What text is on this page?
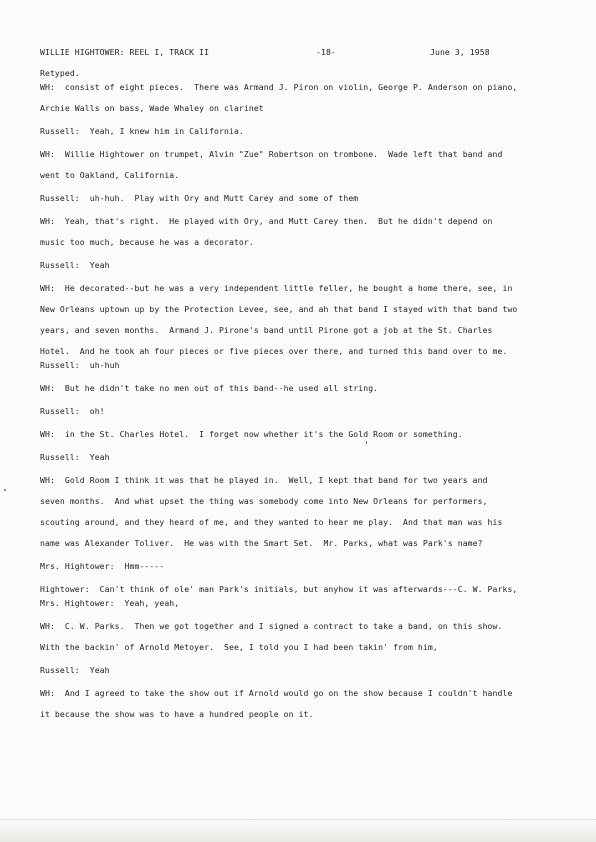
WILLIE HIGHTOWER: REEL I, TRACK II	-18-	June 3, 1958
Retyped.
WH:  consist of eight pieces.  There was Armand J. Piron on violin, George P. Anderson on piano,
Archie Walls on bass, Wade Whaley on clarinet
Russell:  Yeah, I knew him in California.
WH:  Willie Hightower on trumpet, Alvin "Zue" Robertson on trombone.  Wade left that band and
went to Oakland, California.
Russell:  uh-huh.  Play with Ory and Mutt Carey and some of them
WH:  Yeah, that's right.  He played with Ory, and Mutt Carey then.  But he didn't depend on
music too much, because he was a decorator.
Russell:  Yeah
WH:  He decorated--but he was a very independent little feller, he bought a home there, see, in
New Orleans uptown up by the Protection Levee, see, and ah that band I stayed with that band two
years, and seven months.  Armand J. Pirone's band until Pirone got a job at the St. Charles
Hotel.  And he took ah four pieces or five pieces over there, and turned this band over to me.
Russell:  uh-huh
WH:  But he didn't take no men out of this band--he used all string.
Russell:  oh!
WH:  in the St. Charles Hotel.  I forget now whether it's the Gold Room or something.
Russell:  Yeah
WH:  Gold Room I think it was that he played in.  Well, I kept that band for two years and
seven months.  And what upset the thing was somebody come into New Orleans for performers,
scouting around, and they heard of me, and they wanted to hear me play.  And that man was his
name was Alexander Toliver.  He was with the Smart Set.  Mr. Parks, what was Park's name?
Mrs. Hightower:  Hmm-----
Hightower:  Can't think of ole' man Park's initials, but anyhow it was afterwards---C. W. Parks,
Mrs. Hightower:  Yeah, yeah,
WH:  C. W. Parks.  Then we got together and I signed a contract to take a band, on this show.
With the backin' of Arnold Metoyer.  See, I told you I had been takin' from him,
Russell:  Yeah
WH:  And I agreed to take the show out if Arnold would go on the show because I couldn't handle
it because the show was to have a hundred people on it.
